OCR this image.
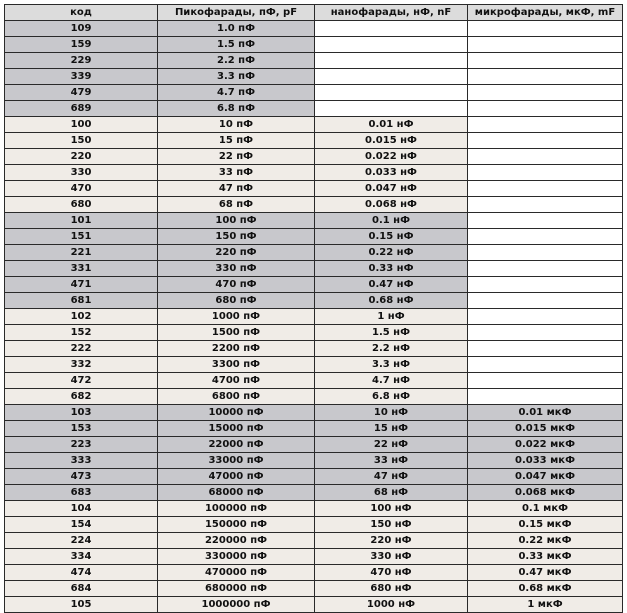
код	Пикофарады, пФ, pF	нанофарады, нФ, nF	микрофарады, мкФ, mF
109	1.0 пФ		
159	1.5 пФ		
229	2.2 пФ		
339	3.3 пФ		
479	4.7 пФ		
689	6.8 пФ		
100	10 пФ	0.01 нФ	
150	15 пФ	0.015 нФ	
220	22 пФ	0.022 нФ	
330	33 пФ	0.033 нФ	
470	47 пФ	0.047 нФ	
680	68 пФ	0.068 нФ	
101	100 пФ	0.1 нФ	
151	150 пФ	0.15 нФ	
221	220 пФ	0.22 нФ	
331	330 пФ	0.33 нФ	
471	470 пФ	0.47 нФ	
681	680 пФ	0.68 нФ	
102	1000 пФ	1 нФ	
152	1500 пФ	1.5 нФ	
222	2200 пФ	2.2 нФ	
332	3300 пФ	3.3 нФ	
472	4700 пФ	4.7 нФ	
682	6800 пФ	6.8 нФ	
103	10000 пФ	10 нФ	0.01 мкФ
153	15000 пФ	15 нФ	0.015 мкФ
223	22000 пФ	22 нФ	0.022 мкФ
333	33000 пФ	33 нФ	0.033 мкФ
473	47000 пФ	47 нФ	0.047 мкФ
683	68000 пФ	68 нФ	0.068 мкФ
104	100000 пФ	100 нФ	0.1 мкФ
154	150000 пФ	150 нФ	0.15 мкФ
224	220000 пФ	220 нФ	0.22 мкФ
334	330000 пФ	330 нФ	0.33 мкФ
474	470000 пФ	470 нФ	0.47 мкФ
684	680000 пФ	680 нФ	0.68 мкФ
105	1000000 пФ	1000 нФ	1 мкФ
